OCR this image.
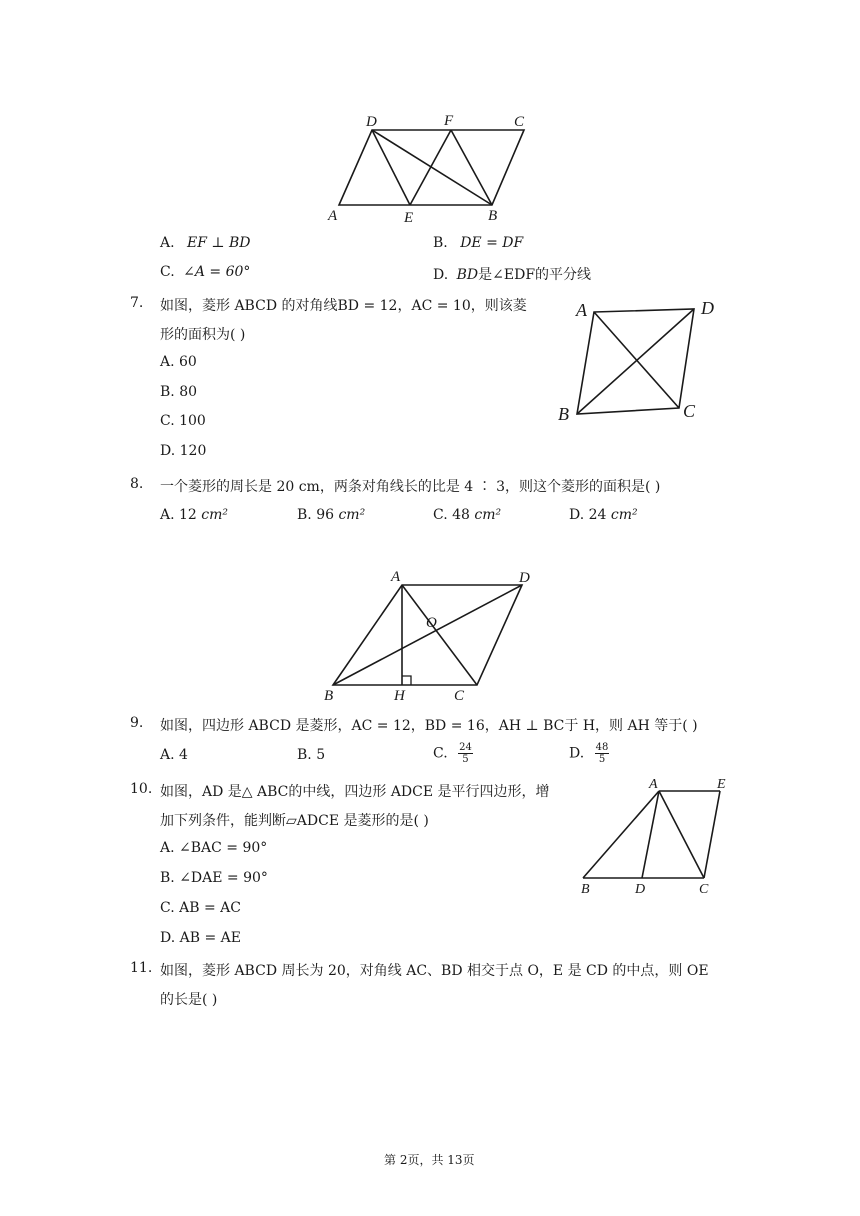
D	F	C
A	E	B
A. EF ⊥ BD	B. DE = DF
C. ∠A = 60°	D. BD是∠EDF的平分线
7. 如图，菱形 ABCD 的对角线BD = 12，AC = 10，则该菱
形的面积为( )
A. 60
B. 80
C. 100
D. 120
A	D
B	C
8. 一个菱形的周长是 20 cm，两条对角线长的比是 4 ∶ 3，则这个菱形的面积是( )
A. 12 cm²	B. 96 cm²	C. 48 cm²	D. 24 cm²
A	D
O
B	H	C
9. 如图，四边形 ABCD 是菱形，AC = 12，BD = 16，AH ⊥ BC于 H，则 AH 等于( )
A. 4	B. 5	C. $\frac{24}{5}$	D. $\frac{48}{5}$
10. 如图，AD 是△ ABC的中线，四边形 ADCE 是平行四边形，增
加下列条件，能判断▱ADCE 是菱形的是( )
A. ∠BAC = 90°
B. ∠DAE = 90°
C. AB = AC
D. AB = AE
A	E
B	D	C
11. 如图，菱形 ABCD 周长为 20，对角线 AC、BD 相交于点 O，E 是 CD 的中点，则 OE
的长是( )
第 2页，共 13页
